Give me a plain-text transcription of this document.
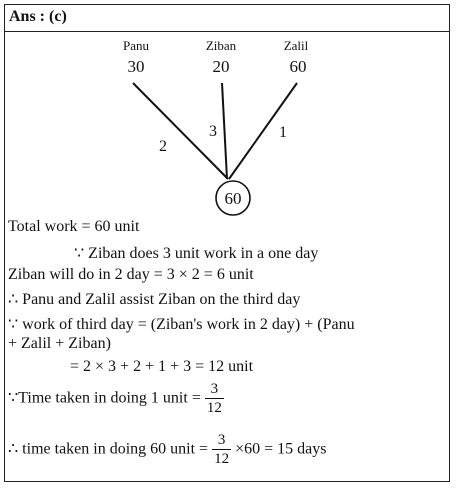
Ans : (c)
Panu	Ziban	Zalil
30	20	60
2
3	1
60
Total work = 60 unit
∵ Ziban does 3 unit work in a one day
Ziban will do in 2 day = 3 × 2 = 6 unit
∴ Panu and Zalil assist Ziban on the third day
∵ work of third day = (Ziban's work in 2 day) + (Panu
+ Zalil + Ziban)
= 2 × 3 + 2 + 1 + 3 = 12 unit
∵Time taken in doing 1 unit = $\frac{3}{12}$
∴ time taken in doing 60 unit = $\frac{3}{12} \times 60 = 15$ days
